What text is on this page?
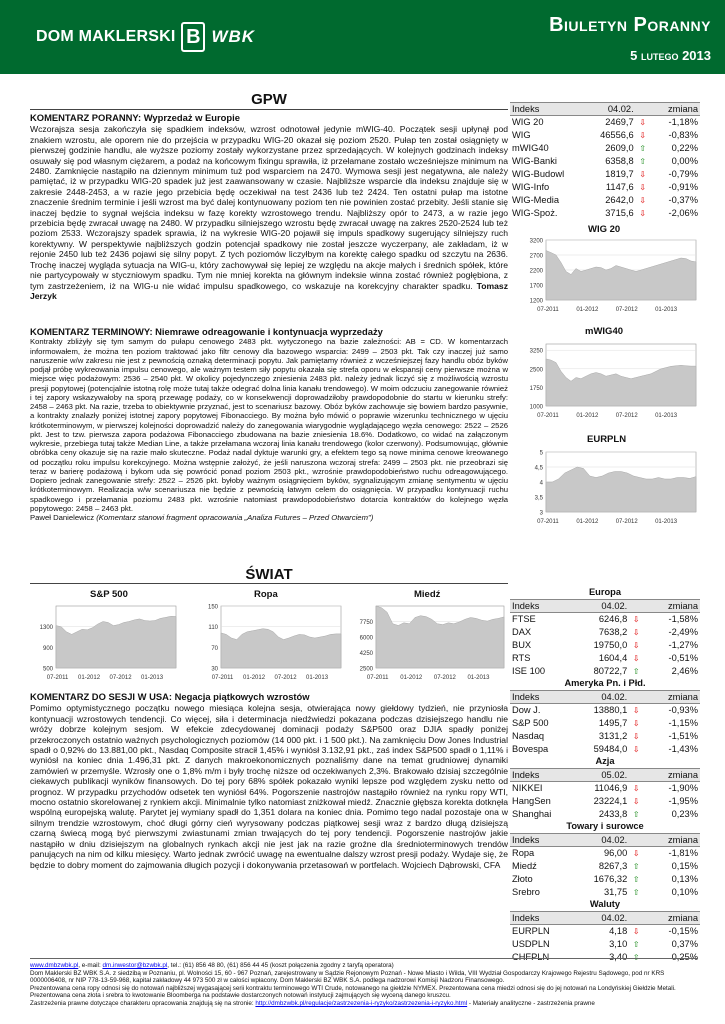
DOM MAKLERSKI B WBK
Biuletyn Poranny
5 lutego 2013
GPW
KOMENTARZ PORANNY: Wyprzedaż w Europie
Wczorajsza sesja zakończyła się spadkiem indeksów, wzrost odnotował jedynie mWIG-40. Początek sesji upłynął pod znakiem wzrostu, ale oporem nie do przejścia w przypadku WIG-20 okazał się poziom 2520. Pułap ten został osiągnięty w pierwszej godzinie handlu, ale wyższe poziomy zostały wykorzystane przez sprzedających. W kolejnych godzinach indeksy osuwały się pod własnym ciężarem, a podaż na końcowym fixingu sprawiła, iż przełamane zostało wcześniejsze minimum na 2480. Zamknięcie nastąpiło na dziennym minimum tuż pod wsparciem na 2470. Wymowa sesji jest negatywna, ale należy pamiętać, iż w przypadku WIG-20 spadek już jest zaawansowany w czasie. Najbliższe wsparcie dla indeksu znajduje się w zakresie 2448-2453, a w razie jego przebicia będę oczekiwał na test 2436 lub też 2424. Ten ostatni pułap ma istotne znaczenie średnim terminie i jeśli wzrost ma być dalej kontynuowany poziom ten nie powinien zostać przebity. Jeśli stanie się inaczej będzie to sygnał wejścia indeksu w fazę korekty wzrostowego trendu. Najbliższy opór to 2473, a w razie jego przebicia będę zwracał uwagę na 2480. W przypadku silniejszego wzrostu będę zwracał uwagę na zakres 2520-2524 lub też poziom 2533. Wczorajszy spadek sprawia, iż na wykresie WIG-20 pojawił się impuls spadkowy sugerujący silniejszy ruch korektywny. W perspektywie najbliższych godzin potencjał spadkowy nie został jeszcze wyczerpany, ale zakładam, iż w rejonie 2450 lub też 2436 pojawi się silny popyt. Z tych poziomów liczyłbym na korektę całego spadku od szczytu na 2636. Trochę inaczej wygląda sytuacja na WIG-u, który zachowywał się lepiej ze względu na akcje małych i średnich spółek, które nie partycypowały w styczniowym spadku. Tym nie mniej korekta na głównym indeksie winna zostać również pogłębiona, z tym zastrzeżeniem, iż na WIG-u nie widać impulsu spadkowego, co wskazuje na korekcyjny charakter spadku. Tomasz Jerzyk
KOMENTARZ TERMINOWY: Niemrawe odreagowanie i kontynuacja wyprzedaży
Kontrakty zbliżyły się tym samym do pułapu cenowego 2483 pkt. wytyczonego na bazie zależności: AB = CD. W komentarzach informowałem, że można ten poziom traktować jako filtr cenowy dla bazowego wsparcia: 2499 – 2503 pkt. Tak czy inaczej już samo naruszenie w/w zakresu nie jest z pewnością oznaką determinacji popytu. Jak pamiętamy również z wcześniejszej fazy handlu obóz byków podjął próbę wykreowania impulsu cenowego, ale ważnym testem siły popytu okazała się strefa oporu w ekspansji ceny pierwsze można w miejsce więc podażowym: 2536 – 2540 pkt. W okolicy pojedynczego zniesienia 2483 pkt. należy jednak liczyć się z możliwością wzrostu presji popytowej (potencjalnie istotną rolę może tutaj także odegrać dolna linia kanału trendowego). W moim odczuciu zanegowanie również i tej zapory wskazywałoby na sporą przewagę podaży, co w konsekwencji doprowadziłoby prawdopodobnie do startu w kierunku strefy: 2458 – 2463 pkt. Na razie, trzeba to obiektywnie przyznać, jest to scenariusz bazowy. Obóz byków zachowuje się bowiem bardzo pasywnie, a kontrakty znalazły poniżej istotnej zapory popytowej Fibonacciego. By można było mówić o poprawie wizerunku technicznego w ujęciu krótkoterminowym, w pierwszej kolejności doprowadzić należy do zanegowania wiarygodnie wyglądającego węzła cenowego: 2522 – 2526 pkt. Jest to tzw. pierwsza zapora podażowa Fibonacciego zbudowana na bazie zniesienia 18.6%. Dodatkowo, co widać na załączonym wykresie, przebiega tutaj także Median Line, a także przełamana wczoraj linia kanału trendowego (kolor czerwony). Podsumowując, głównie obróbka ceny okazuje się na razie mało skuteczne. Podaż nadal dyktuje warunki gry, a efektem tego są nowe minima cenowe kreowanego od początku roku impulsu korekcyjnego. Można wstępnie założyć, że jeśli naruszona wczoraj strefa: 2499 – 2503 pkt. nie przeobrazi się teraz w barierę podażową i bykom uda się powrócić ponad poziom 2503 pkt., wzrośnie prawdopodobieństwo ruchu odreagowującego. Dopiero jednak zanegowanie strefy: 2522 – 2526 pkt. byłoby ważnym osiągnięciem byków, sygnalizującym zmianę sentymentu w ujęciu krótkoterminowym. Realizacja w/w scenariusza nie będzie z pewnością łatwym celem do osiągnięcia. W przypadku kontynuacji ruchu spadkowego i przełamania poziomu 2483 pkt. wzrośnie natomiast prawdopodobieństwo dotarcia kontraktów do kolejnego węzła popytowego: 2458 – 2463 pkt.
Paweł Danielewicz (Komentarz stanowi fragment opracowania „Analiza Futures – Przed Otwarciem")
Indeks	04.02.		zmiana
WIG 20	2469,7	⇩	-1,18%
WIG	46556,6	⇩	-0,83%
mWIG40	2609,0	⇧	0,22%
WIG-Banki	6358,8	⇧	0,00%
WIG-Budowl	1819,7	⇩	-0,79%
WIG-Info	1147,6	⇩	-0,91%
WIG-Media	2642,0	⇩	-0,37%
WIG-Spoż.	3715,6	⇩	-2,06%
WIG 20
1200
1700
2200
2700
3200
07-2011	01-2012	07-2012	01-2013
mWIG40
1000
1750
2500
3250
07-2011	01-2012	07-2012	01-2013
EURPLN
3
3,5
4
4,5
5
07-2011	01-2012	07-2012	01-2013
ŚWIAT
S&P 500
500
900
1300
07-2011 01-2012 07-2012 01-2013
Ropa
30
70
110
150
07-2011 01-2012 07-2012 01-2013
Miedź
2500
4250
6000
7750
07-2011 01-2012 07-2012 01-2013
KOMENTARZ DO SESJI W USA: Negacja piątkowych wzrostów
Pomimo optymistycznego początku nowego miesiąca kolejna sesja, otwierająca nowy giełdowy tydzień, nie przyniosła kontynuacji wzrostowych tendencji. Co więcej, siła i determinacja niedźwiedzi pokazana podczas dzisiejszego handlu nie wróży dobrze kolejnym sesjom. W efekcie zdecydowanej dominacji podaży S&P500 oraz DJIA spadły poniżej przekroczonych ostatnio ważnych psychologicznych poziomów (14 000 pkt. i 1 500 pkt.). Na zamknięciu Dow Jones Industrial spadł o 0,92% do 13.881,00 pkt., Nasdaq Composite stracił 1,45% i wyniósł 3.132,91 pkt., zaś index S&P500 spadł o 1,11% i wyniósł na koniec dnia 1.496,31 pkt. Z danych makroekonomicznych poznaliśmy dane na temat grudniowej dynamiki zamówień w przemyśle. Wzrosły one o 1,8% m/m i były trochę niższe od oczekiwanych 2,3%. Brakowało dzisiaj szczególnie ciekawych publikacji wyników finansowych. Do tej pory 68% spółek pokazało wyniki lepsze pod względem zysku netto od prognoz. W przypadku przychodów odsetek ten wyniósł 64%. Pogorszenie nastrojów nastąpiło również na rynku ropy WTI, mocno ostatnio skorelowanej z rynkiem akcji. Minimalnie tylko natomiast zniżkował miedź. Znacznie głębsza korekta dotknęła wspólną europejską walutę. Parytet jej wymiany spadł do 1,351 dolara na koniec dnia. Pomimo tego nadal pozostaje ona w silnym trendzie wzrostowym, choć długi górny cień wyrysowany podczas piątkowej sesji wraz z bardzo długą dzisiejszą czarną świecą mogą być pierwszymi zwiastunami zmian trwających do tej pory tendencji. Pogorszenie nastrojów jakie nastąpiło w dniu dzisiejszym na globalnych rynkach akcji nie jest jak na razie groźne dla średnioterminowych trendów panujących na nim od kilku miesięcy. Warto jednak zwrócić uwagę na ewentualne dalszy wzrost presji podaży. Wydaje się, że będzie to dobry moment do zajmowania długich pozycji i dokonywania przetasowań w portfelach. Wojciech Dąbrowski, CFA
Europa			
Indeks	04.02.		zmiana
FTSE	6246,8	⇩	-1,58%
DAX	7638,2	⇩	-2,49%
BUX	19750,0	⇩	-1,27%
RTS	1604,4	⇩	-0,51%
ISE 100	80722,7	⇧	2,46%
Ameryka Pn. i Płd.			
Indeks	04.02.		zmiana
Dow J.	13880,1	⇩	-0,93%
S&P 500	1495,7	⇩	-1,15%
Nasdaq	3131,2	⇩	-1,51%
Bovespa	59484,0	⇩	-1,43%
Azja			
Indeks	05.02.		zmiana
NIKKEI	11046,9	⇩	-1,90%
HangSen	23224,1	⇩	-1,95%
Shanghai	2433,8	⇧	0,23%
Towary i surowce			
Indeks	04.02.		zmiana
Ropa	96,00	⇩	-1,81%
Miedź	8267,3	⇧	0,15%
Złoto	1676,32	⇧	0,13%
Srebro	31,75	⇧	0,10%
Waluty			
Indeks	04.02.		zmiana
EURPLN	4,18	⇩	-0,15%
USDPLN	3,10	⇧	0,37%
CHFPLN	3,40	⇧	0,25%
www.dmbzwbk.pl, e-mail: dm.inwestor@bzwbk.pl, tel.: (61) 856 48 80, (61) 856 44 45 (koszt połączenia zgodny z taryfą operatora)
Dom Maklerski BZ WBK S.A. z siedzibą w Poznaniu, pl. Wolności 15, 60 - 967 Poznań, zarejestrowany w Sądzie Rejonowym Poznań - Nowe Miasto i Wilda, VIII Wydział Gospodarczy Krajowego Rejestru Sądowego, pod nr KRS 0000006408, nr NIP 778-13-59-968, kapitał zakładowy 44 973 500 zł w całości wpłacony. Dom Maklerski BZ WBK S.A. podlega nadzorowi Komisji Nadzoru Finansowego.
Prezentowana cena ropy odnosi się do notowań najbliższej wygasającej serii kontraktu terminowego WTI Crude, notowanego na giełdzie NYMEX. Prezentowana cena miedzi odnosi się do jej notowań na Londyńskiej Giełdzie Metali. Prezentowana cena złota i srebra to kwotowanie Bloomberga na podstawie dostarczonych notowań instytucji zajmujących się wyceną danego kruszcu.
Zastrzeżenia prawne dotyczące charakteru opracowania znajdują się na stronie: http://dmbzwbk.pl/regulacje/zastrzezenia-i-ryzyko/zastrzezenia-i-ryzyko.html - Materiały analityczne - zastrzeżenia prawne
